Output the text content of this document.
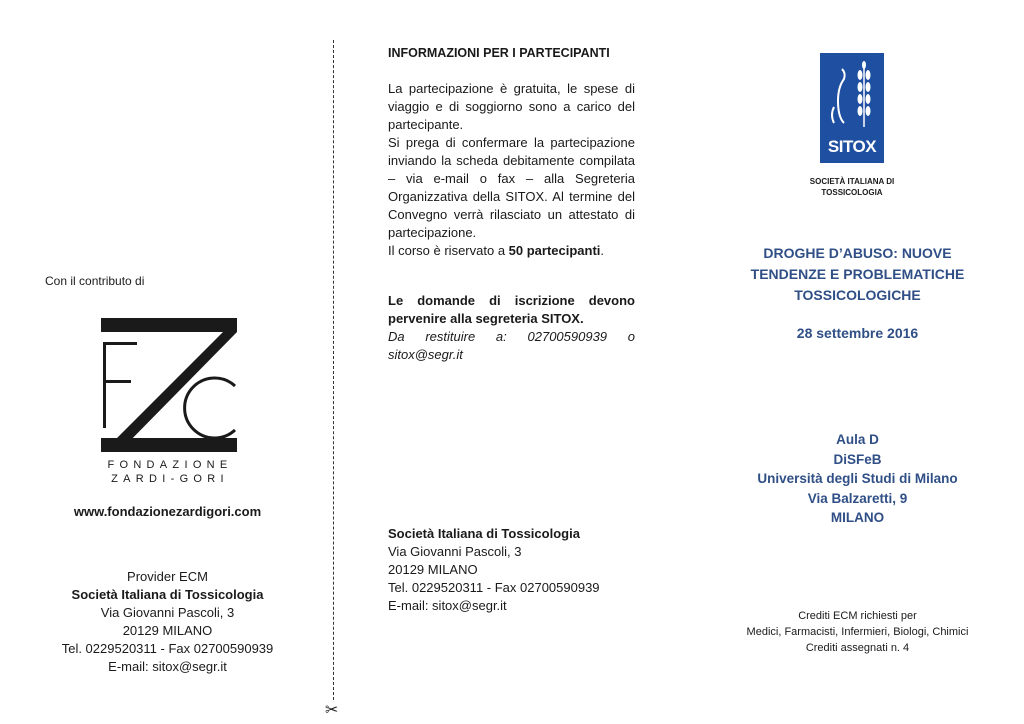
Con il contributo di
FONDAZIONE
ZARDI-GORI
www.fondazionezardigori.com
Provider ECM
Società Italiana di Tossicologia
Via Giovanni Pascoli, 3
20129 MILANO
Tel. 0229520311 - Fax 02700590939
E-mail: sitox@segr.it
✂
INFORMAZIONI PER I PARTECIPANTI

La partecipazione è gratuita, le spese di viaggio e di soggiorno sono a carico del partecipante.

Si prega di confermare la partecipazione inviando la scheda debitamente compilata – via e-mail o fax – alla Segreteria Organizzativa della SITOX. Al termine del Convegno verrà rilasciato un attestato di partecipazione.

Il corso è riservato a 50 partecipanti.

Le domande di iscrizione devono pervenire alla segreteria SITOX.

Da restituire a: 02700590939 o sitox@segr.it

Società Italiana di Tossicologia
Via Giovanni Pascoli, 3
20129 MILANO
Tel. 0229520311 - Fax 02700590939
E-mail: sitox@segr.it
SITOX
SOCIETÀ ITALIANA DI
TOSSICOLOGIA
DROGHE D’ABUSO: NUOVE
TENDENZE E PROBLEMATICHE
TOSSICOLOGICHE
28 settembre 2016
Aula D
DiSFeB
Università degli Studi di Milano
Via Balzaretti, 9
MILANO
Crediti ECM richiesti per
Medici, Farmacisti, Infermieri, Biologi, Chimici
Crediti assegnati n. 4
